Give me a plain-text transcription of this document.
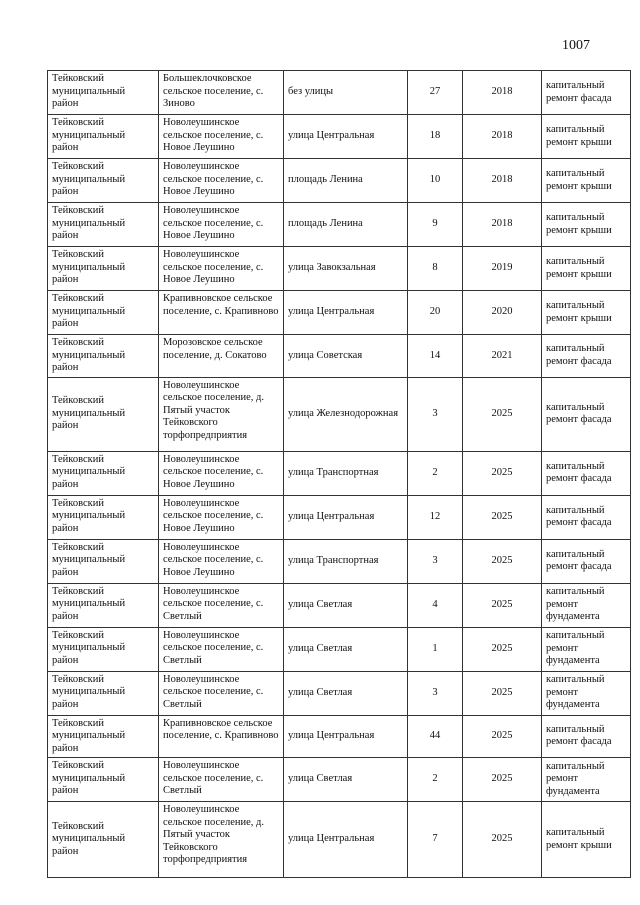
1007
Тейковский муниципальный район	Большеклочковское сельское поселение, с. Зиново	без улицы	27	2018	капитальный ремонт фасада
Тейковский муниципальный район	Новолеушинское сельское поселение, с. Новое Леушино	улица Центральная	18	2018	капитальный ремонт крыши
Тейковский муниципальный район	Новолеушинское сельское поселение, с. Новое Леушино	площадь Ленина	10	2018	капитальный ремонт крыши
Тейковский муниципальный район	Новолеушинское сельское поселение, с. Новое Леушино	площадь Ленина	9	2018	капитальный ремонт крыши
Тейковский муниципальный район	Новолеушинское сельское поселение, с. Новое Леушино	улица Завокзальная	8	2019	капитальный ремонт крыши
Тейковский муниципальный район	Крапивновское сельское поселение, с. Крапивново	улица Центральная	20	2020	капитальный ремонт крыши
Тейковский муниципальный район	Морозовское сельское поселение, д. Сокатово	улица Советская	14	2021	капитальный ремонт фасада
Тейковский муниципальный район	Новолеушинское сельское поселение, д. Пятый участок Тейковского торфопредприятия	улица Железнодорожная	3	2025	капитальный ремонт фасада
Тейковский муниципальный район	Новолеушинское сельское поселение, с. Новое Леушино	улица Транспортная	2	2025	капитальный ремонт фасада
Тейковский муниципальный район	Новолеушинское сельское поселение, с. Новое Леушино	улица Центральная	12	2025	капитальный ремонт фасада
Тейковский муниципальный район	Новолеушинское сельское поселение, с. Новое Леушино	улица Транспортная	3	2025	капитальный ремонт фасада
Тейковский муниципальный район	Новолеушинское сельское поселение, с. Светлый	улица Светлая	4	2025	капитальный ремонт фундамента
Тейковский муниципальный район	Новолеушинское сельское поселение, с. Светлый	улица Светлая	1	2025	капитальный ремонт фундамента
Тейковский муниципальный район	Новолеушинское сельское поселение, с. Светлый	улица Светлая	3	2025	капитальный ремонт фундамента
Тейковский муниципальный район	Крапивновское сельское поселение, с. Крапивново	улица Центральная	44	2025	капитальный ремонт фасада
Тейковский муниципальный район	Новолеушинское сельское поселение, с. Светлый	улица Светлая	2	2025	капитальный ремонт фундамента
Тейковский муниципальный район	Новолеушинское сельское поселение, д. Пятый участок Тейковского торфопредприятия	улица Центральная	7	2025	капитальный ремонт крыши
